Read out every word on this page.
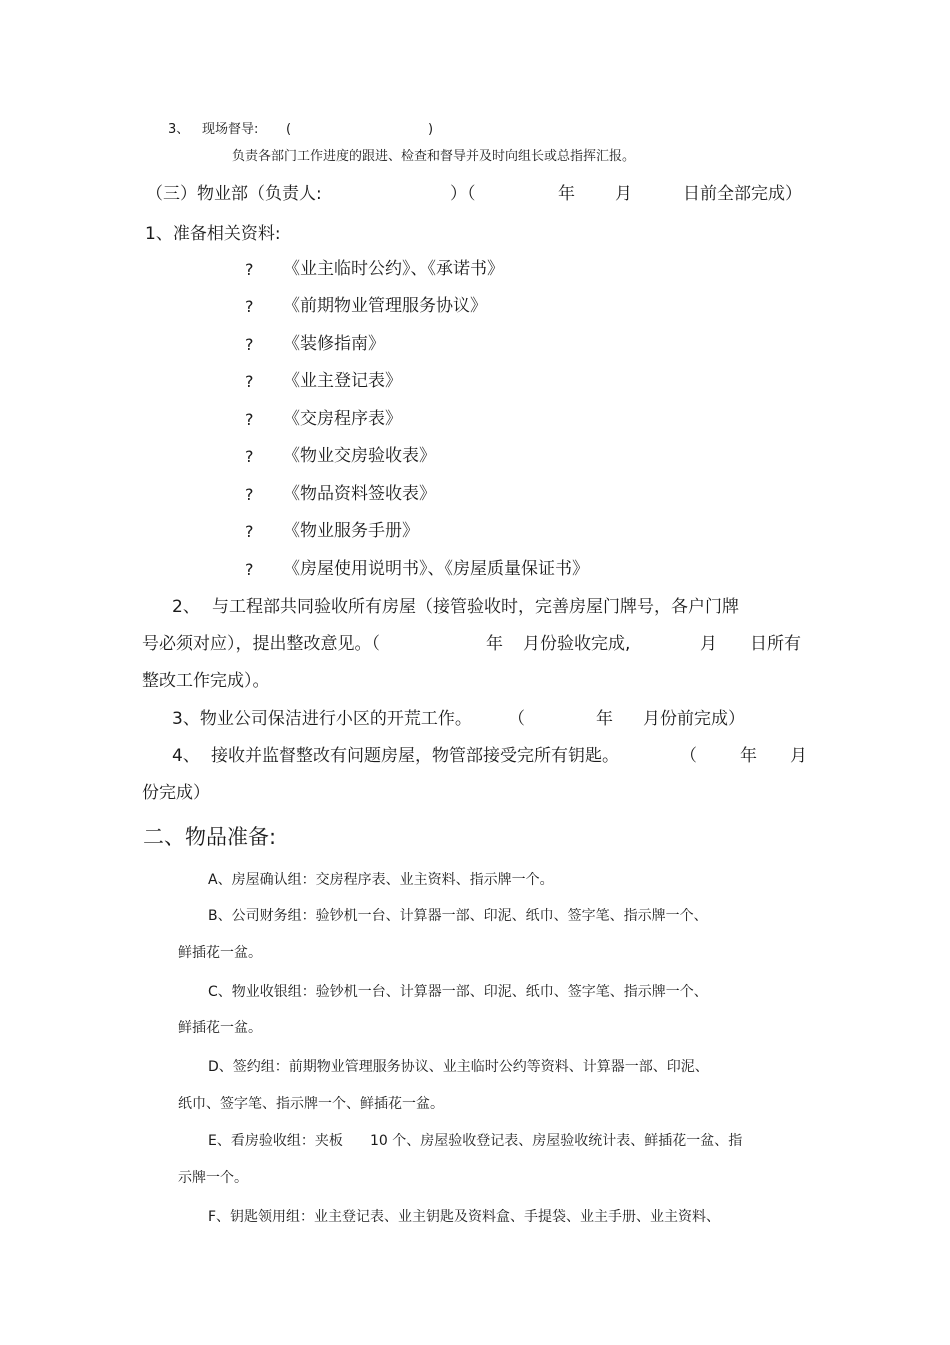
3、 现场督导: (	)
负责各部门工作进度的跟进、检查和督导并及时向组长或总指挥汇报。
（三）物业部（负责人:	）（	年 月	日前全部完成）
1、准备相关资料:
? 《业主临时公约》、《承诺书》
? 《前期物业管理服务协议》
? 《装修指南》
? 《业主登记表》
? 《交房程序表》
? 《物业交房验收表》
? 《物品资料签收表》
? 《物业服务手册》
? 《房屋使用说明书》、《房屋质量保证书》
2、 与工程部共同验收所有房屋（接管验收时，完善房屋门牌号，各户门牌
号必须对应），提出整改意见。（	年 月份验收完成,	月 日所有
整改工作完成）。
3、物业公司保洁进行小区的开荒工作。 （	年 月份前完成）
4、 接收并监督整改有问题房屋，物管部接受完所有钥匙。	（	年 月
份完成）
二、物品准备:
A、房屋确认组：交房程序表、业主资料、指示牌一个。
B、公司财务组：验钞机一台、计算器一部、印泥、纸巾、签字笔、指示牌一个、
鲜插花一盆。
C、物业收银组：验钞机一台、计算器一部、印泥、纸巾、签字笔、指示牌一个、
鲜插花一盆。
D、签约组：前期物业管理服务协议、业主临时公约等资料、计算器一部、印泥、
纸巾、签字笔、指示牌一个、鲜插花一盆。
E、看房验收组：夹板 10 个、房屋验收登记表、房屋验收统计表、鲜插花一盆、指
示牌一个。
F、钥匙领用组：业主登记表、业主钥匙及资料盒、手提袋、业主手册、业主资料、
